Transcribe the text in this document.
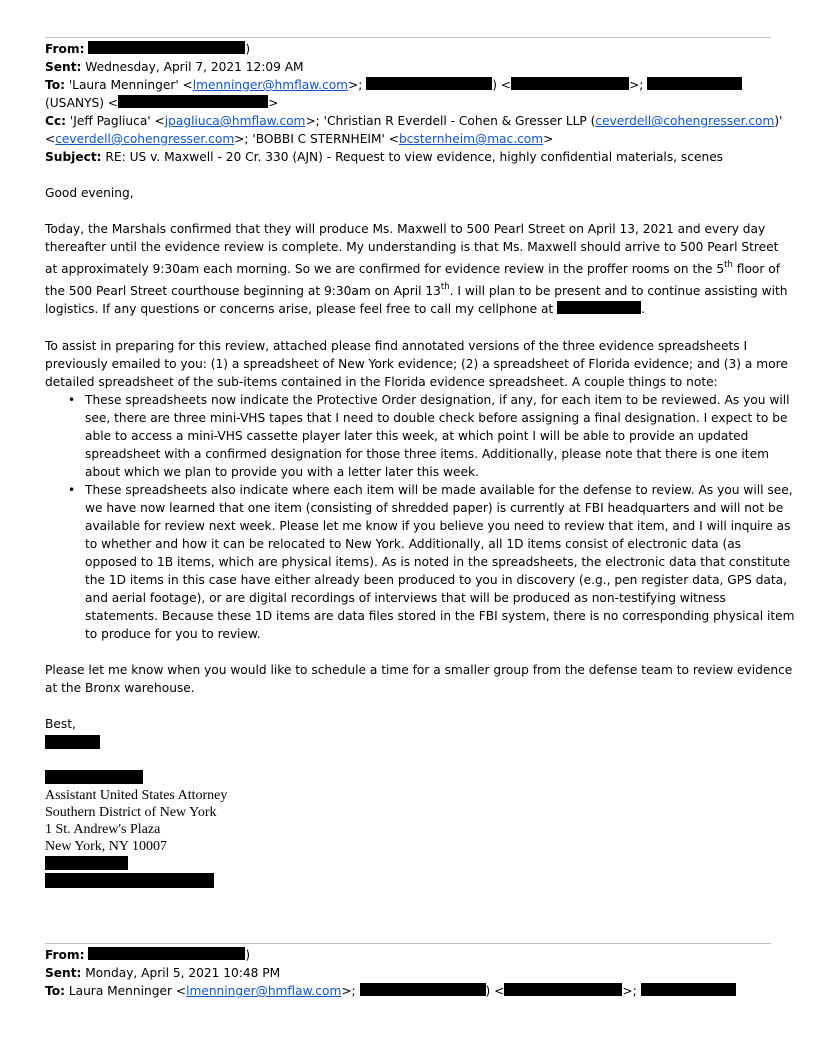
From:	)
Sent: Wednesday, April 7, 2021 12:09 AM
To: 'Laura Menninger' <lmenninger@hmflaw.com>;	) <	>;
(USANYS) <	>
Cc: 'Jeff Pagliuca' <jpagliuca@hmflaw.com>; 'Christian R Everdell - Cohen & Gresser LLP (ceverdell@cohengresser.com)'
<ceverdell@cohengresser.com>; 'BOBBI C STERNHEIM' <bcsternheim@mac.com>
Subject: RE: US v. Maxwell - 20 Cr. 330 (AJN) - Request to view evidence, highly confidential materials, scenes
Good evening,
Today, the Marshals confirmed that they will produce Ms. Maxwell to 500 Pearl Street on April 13, 2021 and every day
thereafter until the evidence review is complete. My understanding is that Ms. Maxwell should arrive to 500 Pearl Street
at approximately 9:30am each morning. So we are confirmed for evidence review in the proffer rooms on the 5th floor of
the 500 Pearl Street courthouse beginning at 9:30am on April 13th. I will plan to be present and to continue assisting with
logistics. If any questions or concerns arise, please feel free to call my cellphone at	.
To assist in preparing for this review, attached please find annotated versions of the three evidence spreadsheets I
previously emailed to you: (1) a spreadsheet of New York evidence; (2) a spreadsheet of Florida evidence; and (3) a more
detailed spreadsheet of the sub-items contained in the Florida evidence spreadsheet. A couple things to note:
• These spreadsheets now indicate the Protective Order designation, if any, for each item to be reviewed. As you will
see, there are three mini-VHS tapes that I need to double check before assigning a final designation. I expect to be
able to access a mini-VHS cassette player later this week, at which point I will be able to provide an updated
spreadsheet with a confirmed designation for those three items. Additionally, please note that there is one item
about which we plan to provide you with a letter later this week.
• These spreadsheets also indicate where each item will be made available for the defense to review. As you will see,
we have now learned that one item (consisting of shredded paper) is currently at FBI headquarters and will not be
available for review next week. Please let me know if you believe you need to review that item, and I will inquire as
to whether and how it can be relocated to New York. Additionally, all 1D items consist of electronic data (as
opposed to 1B items, which are physical items). As is noted in the spreadsheets, the electronic data that constitute
the 1D items in this case have either already been produced to you in discovery (e.g., pen register data, GPS data,
and aerial footage), or are digital recordings of interviews that will be produced as non-testifying witness
statements. Because these 1D items are data files stored in the FBI system, there is no corresponding physical item
to produce for you to review.
Please let me know when you would like to schedule a time for a smaller group from the defense team to review evidence
at the Bronx warehouse.
Best,
Assistant United States Attorney
Southern District of New York
1 St. Andrew's Plaza
New York, NY 10007
From:	)
Sent: Monday, April 5, 2021 10:48 PM
To: Laura Menninger <lmenninger@hmflaw.com>;	) <	>;
